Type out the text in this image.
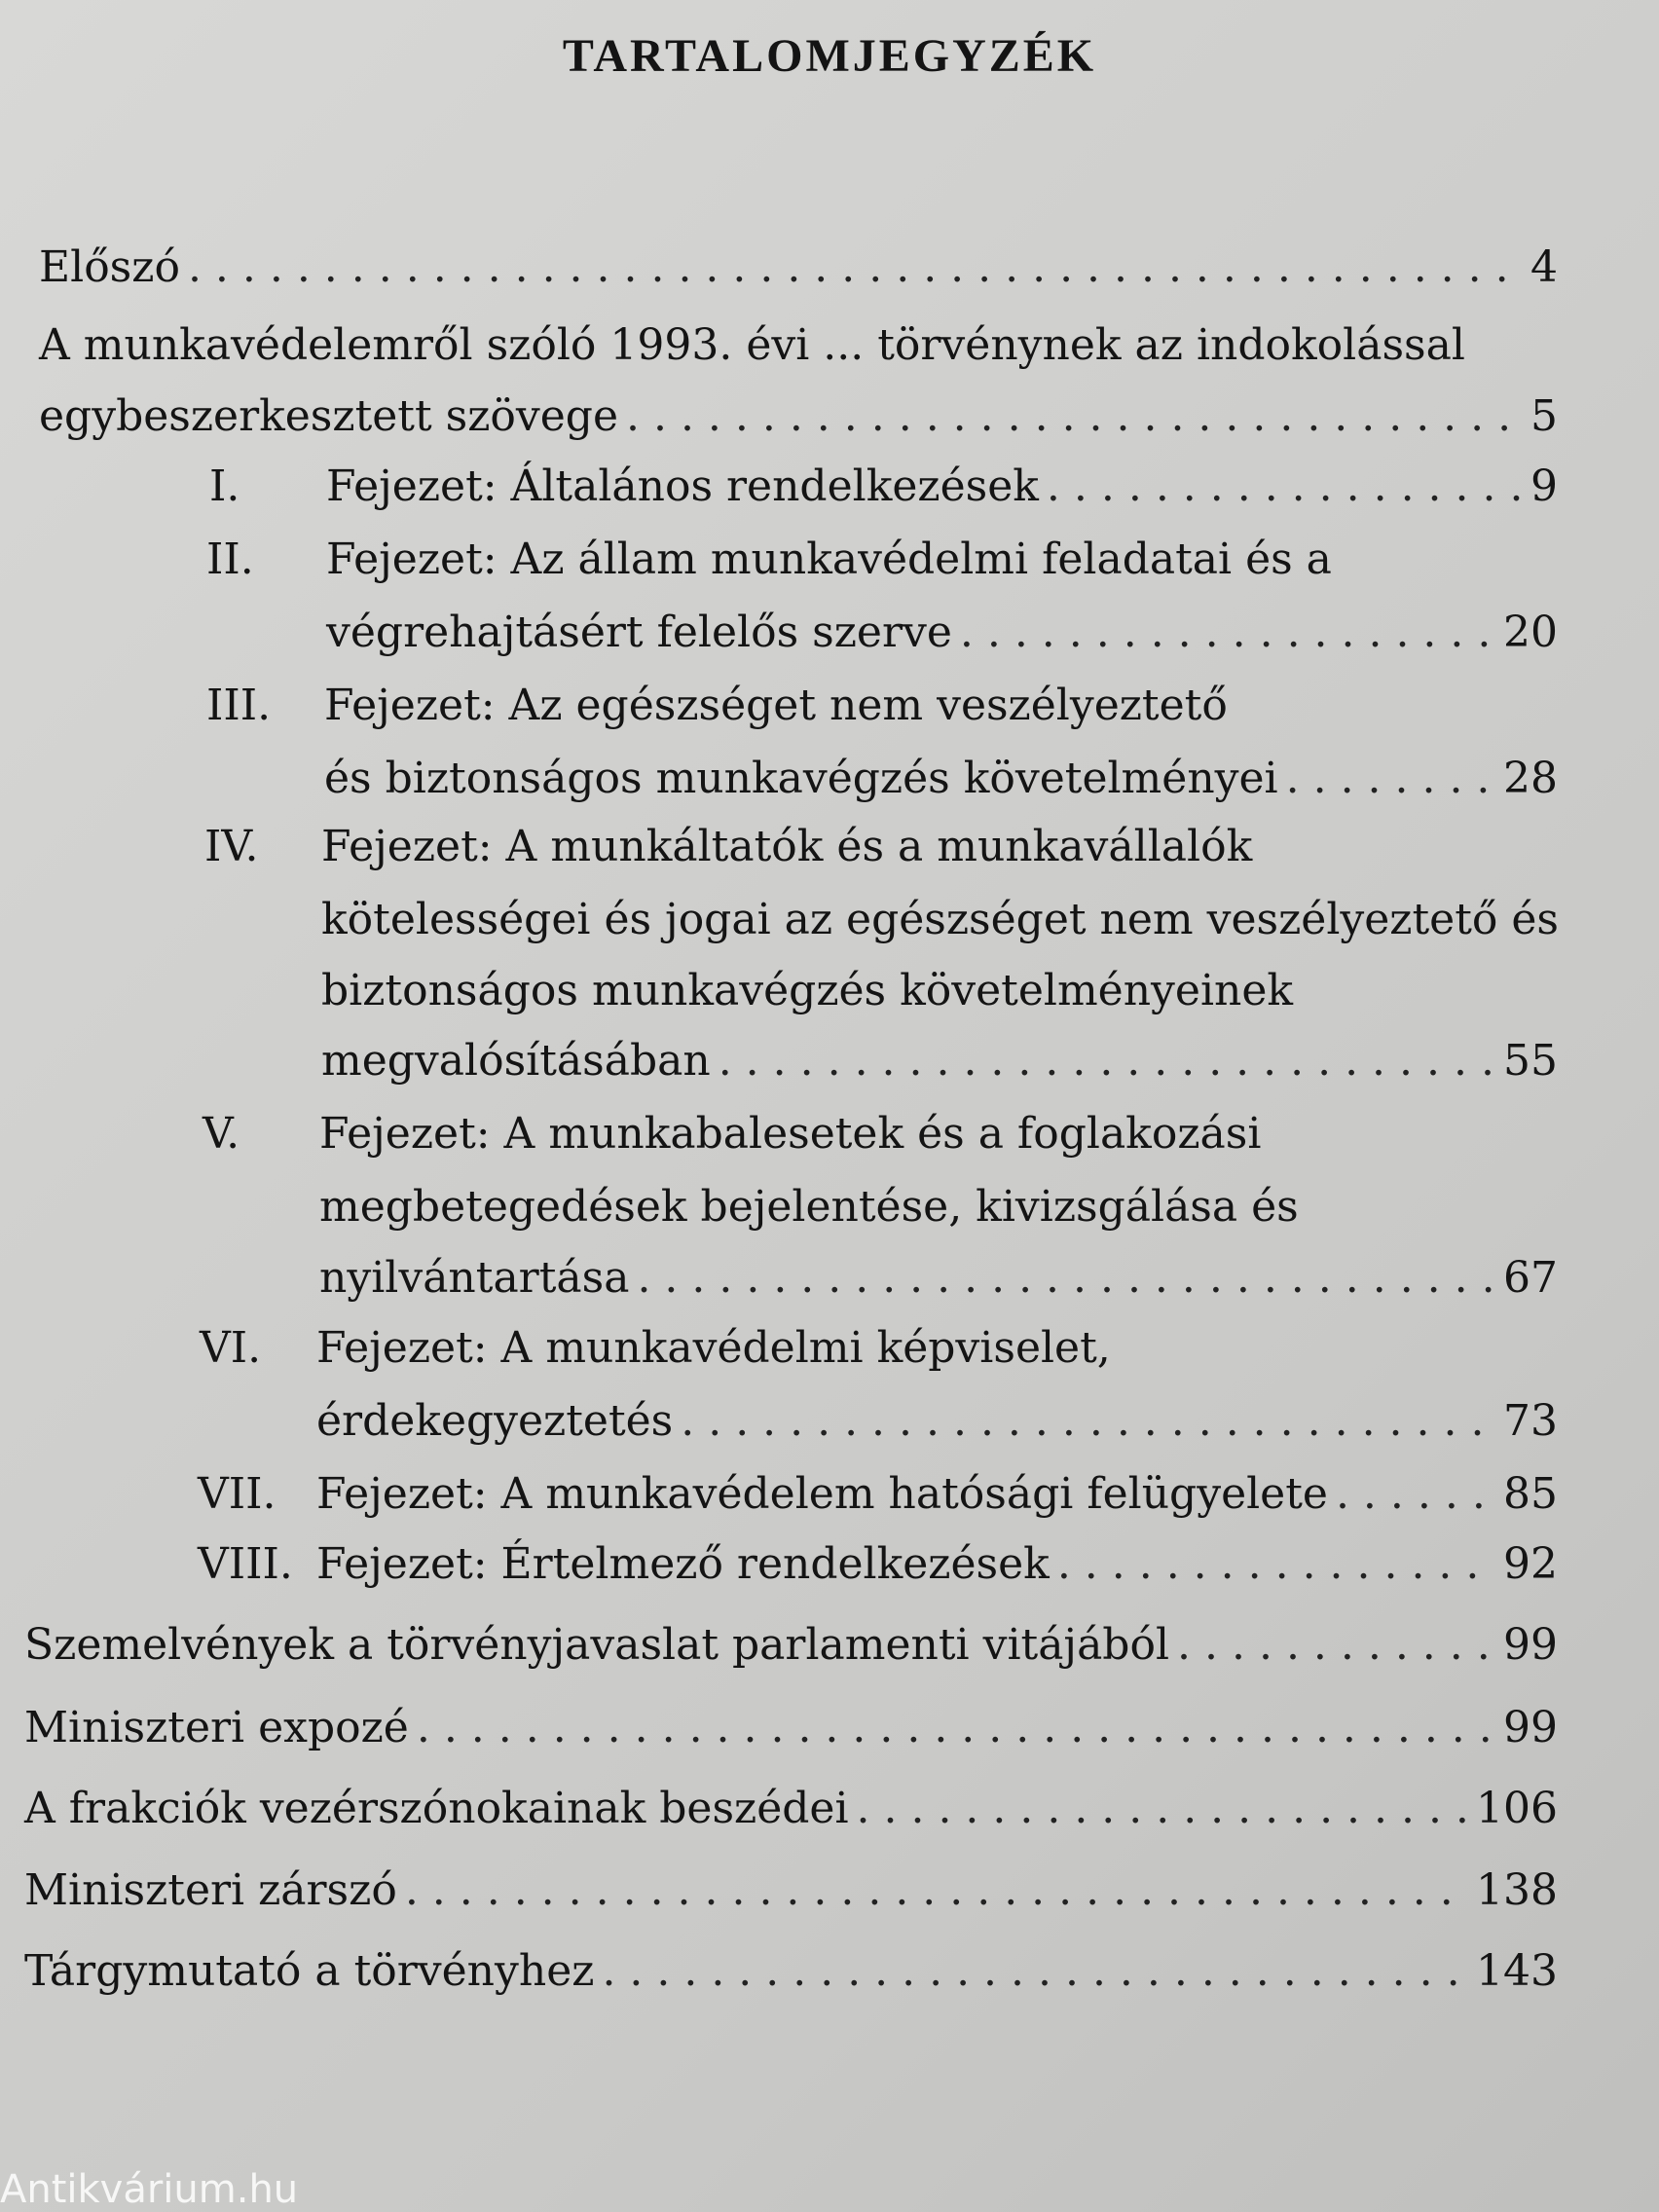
TARTALOMJEGYZÉK
Előszó . . .	4
A munkavédelemről szóló 1993. évi ... törvénynek az indokolással
egybeszerkesztett szövege . . .	5
I. Fejezet: Általános rendelkezések . . .	9
II. Fejezet: Az állam munkavédelmi feladatai és a
végrehajtásért felelős szerve . . .	20
III. Fejezet: Az egészséget nem veszélyeztető
és biztonságos munkavégzés követelményei . . .	28
IV. Fejezet: A munkáltatók és a munkavállalók
kötelességei és jogai az egészséget nem veszélyeztető és
biztonságos munkavégzés követelményeinek
megvalósításában . . .	55
V. Fejezet: A munkabalesetek és a foglakozási
megbetegedések bejelentése, kivizsgálása és
nyilvántartása . . .	67
VI. Fejezet: A munkavédelmi képviselet,
érdekegyeztetés . . .	73
VII. Fejezet: A munkavédelem hatósági felügyelete . . .	85
VIII. Fejezet: Értelmező rendelkezések . . .	92
Szemelvények a törvényjavaslat parlamenti vitájából . . .	99
Miniszteri expozé . . .	99
A frakciók vezérszónokainak beszédei . . .	106
Miniszteri zárszó . . .	138
Tárgymutató a törvényhez . . .	143
Antikvárium.hu
